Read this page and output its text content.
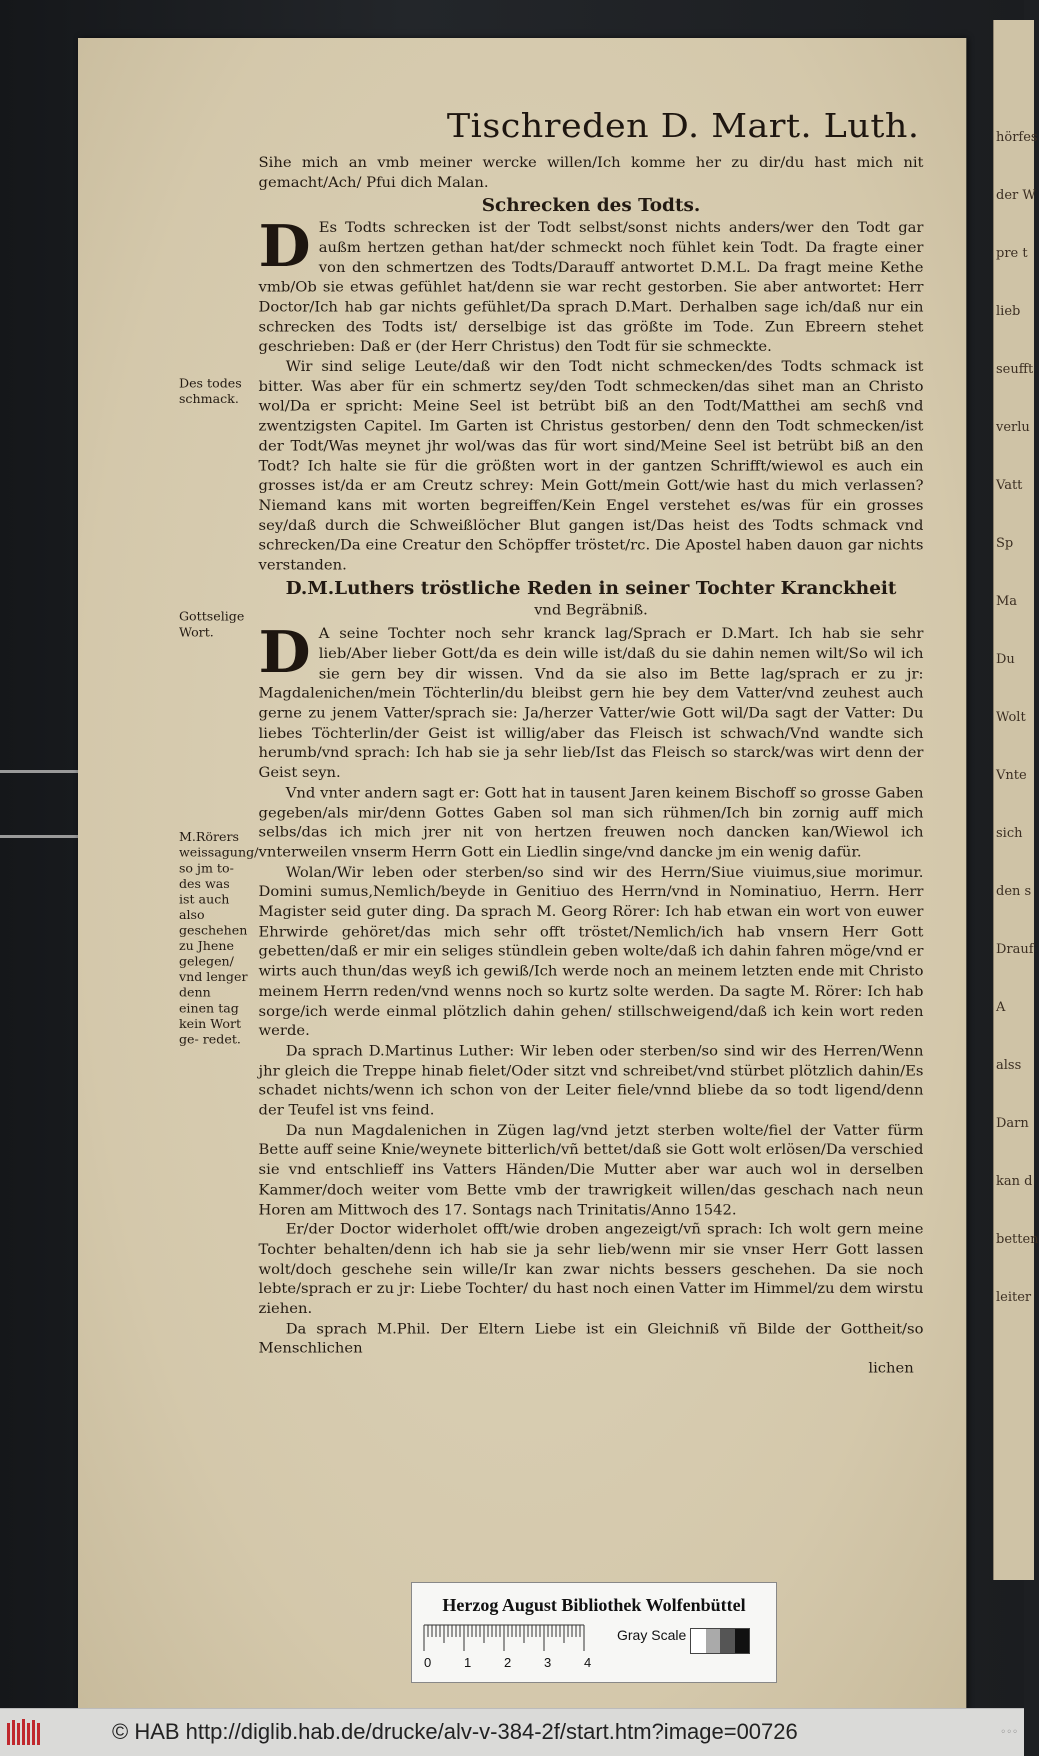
hörfes
der W
pre t
lieb
seufft
verlu
Vatt
Sp
Ma
Du
Wolt
Vnte
sich
den s
Drauf
A
alss
Darn
kan d
betten
leiter
Tischreden D. Mart. Luth.

Sihe mich an vmb meiner wercke willen/Ich komme her zu dir/du hast mich nit gemacht/Ach/ Pfui dich Malan.

Schrecken des Todts.

D Es Todts schrecken ist der Todt selbst/sonst nichts anders/wer den Todt gar außm hertzen gethan hat/der schmeckt noch fühlet kein Todt. Da fragte einer von den schmertzen des Todts/Darauff antwortet D.M.L. Da fragt meine Kethe vmb/Ob sie etwas gefühlet hat/denn sie war recht gestorben. Sie aber antwortet: Herr Doctor/Ich hab gar nichts gefühlet/Da sprach D.Mart. Derhalben sage ich/daß nur ein schrecken des Todts ist/ derselbige ist das größte im Tode. Zun Ebreern stehet geschrieben: Daß er (der Herr Christus) den Todt für sie schmeckte.

Wir sind selige Leute/daß wir den Todt nicht schmecken/des Todts schmack ist bitter. Was aber für ein schmertz sey/den Todt schmecken/das sihet man an Christo wol/Da er spricht: Meine Seel ist betrübt biß an den Todt/Matthei am sechß vnd zwentzigsten Capitel. Im Garten ist Christus gestorben/ denn den Todt schmecken/ist der Todt/Was meynet jhr wol/was das für wort sind/Meine Seel ist betrübt biß an den Todt? Ich halte sie für die größten wort in der gantzen Schrifft/wiewol es auch ein grosses ist/da er am Creutz schrey: Mein Gott/mein Gott/wie hast du mich verlassen? Niemand kans mit worten begreiffen/Kein Engel verstehet es/was für ein grosses sey/daß durch die Schweißlöcher Blut gangen ist/Das heist des Todts schmack vnd schrecken/Da eine Creatur den Schöpffer tröstet/rc. Die Apostel haben dauon gar nichts verstanden.

D.M.Luthers tröstliche Reden in seiner Tochter Kranckheit
vnd Begräbniß.

D A seine Tochter noch sehr kranck lag/Sprach er D.Mart. Ich hab sie sehr lieb/Aber lieber Gott/da es dein wille ist/daß du sie dahin nemen wilt/So wil ich sie gern bey dir wissen. Vnd da sie also im Bette lag/sprach er zu jr: Magdalenichen/mein Töchterlin/du bleibst gern hie bey dem Vatter/vnd zeuhest auch gerne zu jenem Vatter/sprach sie: Ja/herzer Vatter/wie Gott wil/Da sagt der Vatter: Du liebes Töchterlin/der Geist ist willig/aber das Fleisch ist schwach/Vnd wandte sich herumb/vnd sprach: Ich hab sie ja sehr lieb/Ist das Fleisch so starck/was wirt denn der Geist seyn.

Vnd vnter andern sagt er: Gott hat in tausent Jaren keinem Bischoff so grosse Gaben gegeben/als mir/denn Gottes Gaben sol man sich rühmen/Ich bin zornig auff mich selbs/das ich mich jrer nit von hertzen freuwen noch dancken kan/Wiewol ich vnterweilen vnserm Herrn Gott ein Liedlin singe/vnd dancke jm ein wenig dafür.

Wolan/Wir leben oder sterben/so sind wir des Herrn/Siue viuimus,siue morimur. Domini sumus,Nemlich/beyde in Genitiuo des Herrn/vnd in Nominatiuo, Herrn. Herr Magister seid guter ding. Da sprach M. Georg Rörer: Ich hab etwan ein wort von euwer Ehrwirde gehöret/das mich sehr offt tröstet/Nemlich/ich hab vnsern Herr Gott gebetten/daß er mir ein seliges stündlein geben wolte/daß ich dahin fahren möge/vnd er wirts auch thun/das weyß ich gewiß/Ich werde noch an meinem letzten ende mit Christo meinem Herrn reden/vnd wenns noch so kurtz solte werden. Da sagte M. Rörer: Ich hab sorge/ich werde einmal plötzlich dahin gehen/ stillschweigend/daß ich kein wort reden werde.

Da sprach D.Martinus Luther: Wir leben oder sterben/so sind wir des Herren/Wenn jhr gleich die Treppe hinab fielet/Oder sitzt vnd schreibet/vnd stürbet plötzlich dahin/Es schadet nichts/wenn ich schon von der Leiter fiele/vnnd bliebe da so todt ligend/denn der Teufel ist vns feind.

Da nun Magdalenichen in Zügen lag/vnd jetzt sterben wolte/fiel der Vatter fürm Bette auff seine Knie/weynete bitterlich/vñ bettet/daß sie Gott wolt erlösen/Da verschied sie vnd entschlieff ins Vatters Händen/Die Mutter aber war auch wol in derselben Kammer/doch weiter vom Bette vmb der trawrigkeit willen/das geschach nach neun Horen am Mittwoch des 17. Sontags nach Trinitatis/Anno 1542.

Er/der Doctor widerholet offt/wie droben angezeigt/vñ sprach: Ich wolt gern meine Tochter behalten/denn ich hab sie ja sehr lieb/wenn mir sie vnser Herr Gott lassen wolt/doch geschehe sein wille/Ir kan zwar nichts bessers geschehen. Da sie noch lebte/sprach er zu jr: Liebe Tochter/ du hast noch einen Vatter im Himmel/zu dem wirstu ziehen.

Da sprach M.Phil. Der Eltern Liebe ist ein Gleichniß vñ Bilde der Gottheit/so Menschlichen

lichen

Des todes schmack.
Gottselige Wort.
M.Rörers weissagung/ so jm to- des was ist auch also geschehen zu Jhene gelegen/ vnd lenger denn einen tag kein Wort ge- redet.
Herzog August Bibliothek Wolfenbüttel
0	1	2	3	4
Gray Scale
© HAB http://diglib.hab.de/drucke/alv-v-384-2f/start.htm?image=00726	◦◦◦
